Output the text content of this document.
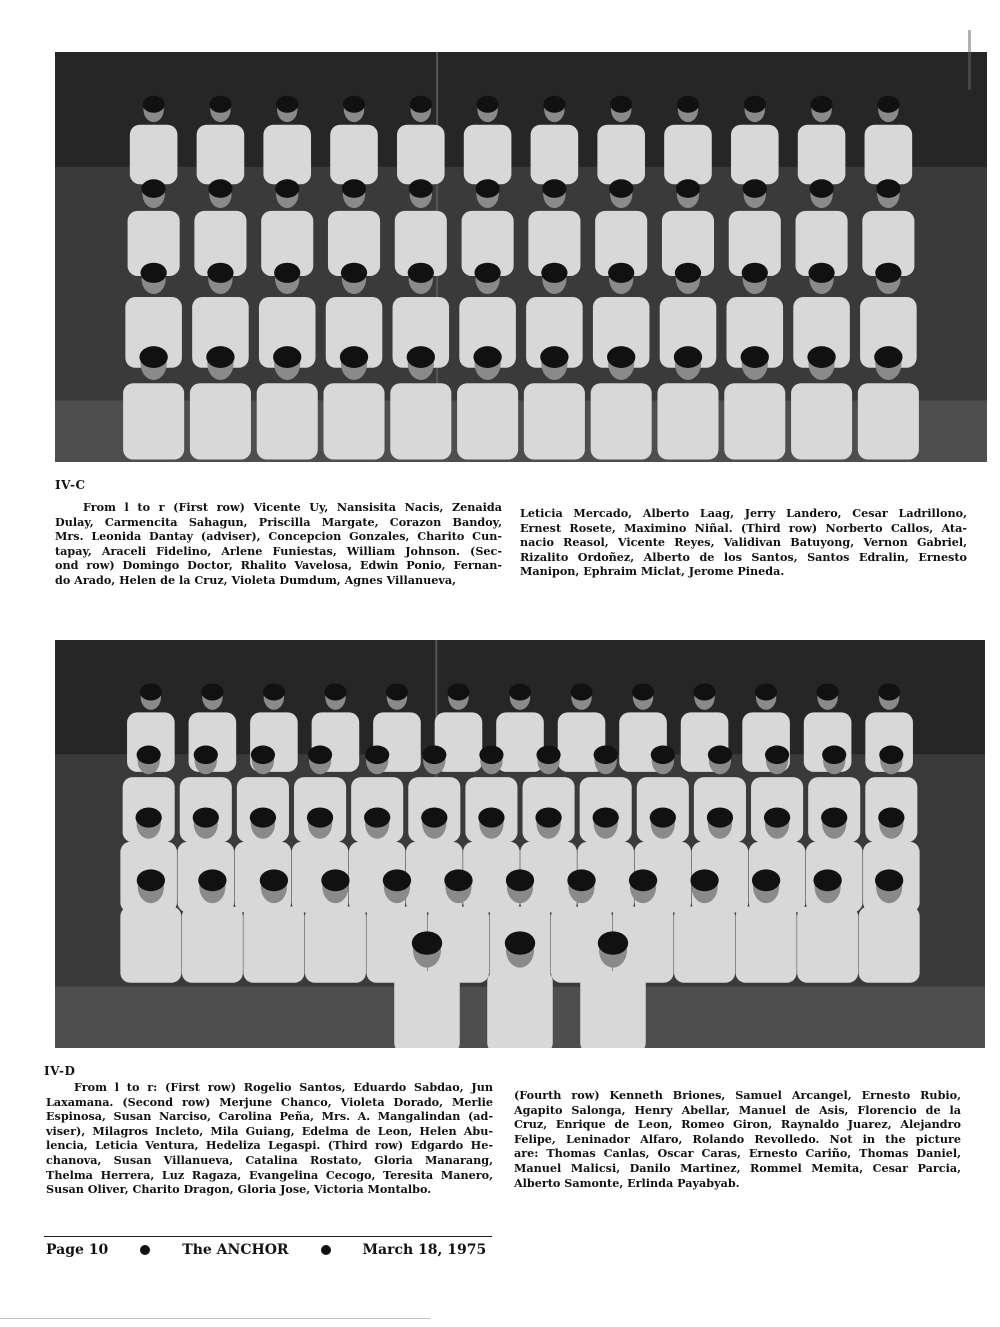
IV-C
From l to r (First row) Vicente Uy, Nansisita Nacis, Zenaida
Dulay, Carmencita Sahagun, Priscilla Margate, Corazon Bandoy,
Mrs. Leonida Dantay (adviser), Concepcion Gonzales, Charito Cun-
tapay, Araceli Fidelino, Arlene Funiestas, William Johnson. (Sec-
ond row) Domingo Doctor, Rhalito Vavelosa, Edwin Ponio, Fernan-
do Arado, Helen de la Cruz, Violeta Dumdum, Agnes Villanueva,
Leticia Mercado, Alberto Laag, Jerry Landero, Cesar Ladrillono,
Ernest Rosete, Maximino Niñal. (Third row) Norberto Callos, Ata-
nacio Reasol, Vicente Reyes, Validivan Batuyong, Vernon Gabriel,
Rizalito Ordoñez, Alberto de los Santos, Santos Edralin, Ernesto
Manipon, Ephraim Miclat, Jerome Pineda.
IV-D
From l to r: (First row) Rogelio Santos, Eduardo Sabdao, Jun
Laxamana. (Second row) Merjune Chanco, Violeta Dorado, Merlie
Espinosa, Susan Narciso, Carolina Peña, Mrs. A. Mangalindan (ad-
viser), Milagros Incleto, Mila Guiang, Edelma de Leon, Helen Abu-
lencia, Leticia Ventura, Hedeliza Legaspi. (Third row) Edgardo He-
chanova, Susan Villanueva, Catalina Rostato, Gloria Manarang,
Thelma Herrera, Luz Ragaza, Evangelina Cecogo, Teresita Manero,
Susan Oliver, Charito Dragon, Gloria Jose, Victoria Montalbo.
(Fourth row) Kenneth Briones, Samuel Arcangel, Ernesto Rubio,
Agapito Salonga, Henry Abellar, Manuel de Asis, Florencio de la
Cruz, Enrique de Leon, Romeo Giron, Raynaldo Juarez, Alejandro
Felipe, Leninador Alfaro, Rolando Revolledo. Not in the picture
are: Thomas Canlas, Oscar Caras, Ernesto Cariño, Thomas Daniel,
Manuel Malicsi, Danilo Martinez, Rommel Memita, Cesar Parcia,
Alberto Samonte, Erlinda Payabyab.
Page 10	The ANCHOR	March 18, 1975
